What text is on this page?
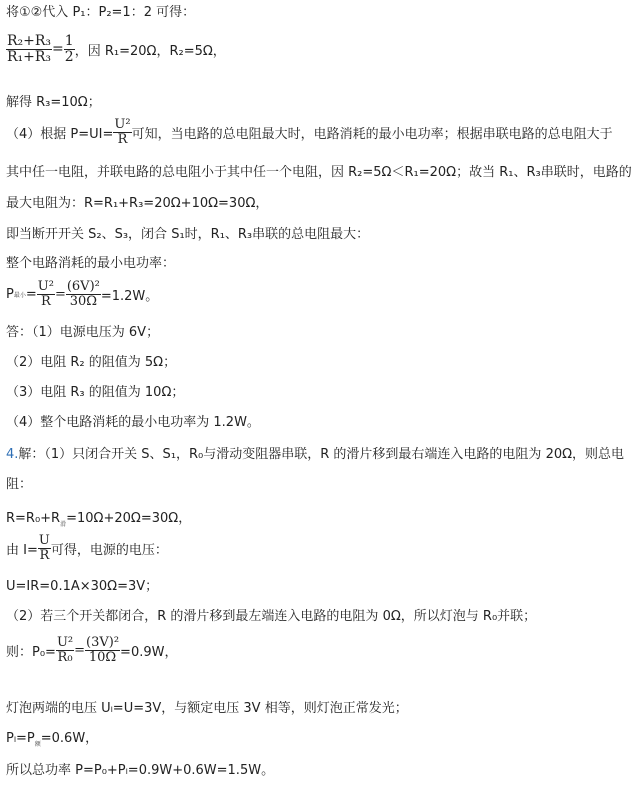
将①②代入 P₁：P₂=1：2 可得：
$\frac{\text{R₂+R₃}}{\text{R₁+R₃}} = \frac{1}{2}$ ，因 R₁=20Ω，R₂=5Ω，
解得 R₃=10Ω；
（4）根据 $P=UI= \frac{\text{U²}}{R}$ 可知，当电路的总电阻最大时，电路消耗的最小电功率；根据串联电路的总电阻大于
其中任一电阻，并联电路的总电阻小于其中任一个电阻，因 R₂=5Ω＜R₁=20Ω；故当 R₁、R₃串联时，电路的
最大电阻为：R=R₁+R₃=20Ω+10Ω=30Ω，
即当断开开关 S₂、S₃，闭合 S₁时，R₁、R₃串联的总电阻最大：
整个电路消耗的最小电功率：
P 最小 = $\frac{\text{U²}}{R} = \frac{\text{(6V)²}}{30\Omega} =1.2W$。
答：（1）电源电压为 6V；
（2）电阻 R₂ 的阻值为 5Ω；
（3）电阻 R₃ 的阻值为 10Ω；
（4）整个电路消耗的最小电功率为 1.2W。
4.解：（1）只闭合开关 S、S₁，R₀与滑动变阻器串联，R 的滑片移到最右端连入电路的电阻为 20Ω，则总电
阻：
$R=R_0+R_滑=10\Omega+20\Omega=30\Omega$，
由 $I= \frac{U}{R}$ 可得，电源的电压：
U=IR=0.1A×30Ω=3V；
（2）若三个开关都闭合，R 的滑片移到最左端连入电路的电阻为 0Ω，所以灯泡与 R₀并联；
则：$P_0= \frac{\text{U²}}{\text{R₀}} = \frac{\text{(3V)²}}{10\Omega} =0.9W$，
灯泡两端的电压 Uₗ=U=3V，与额定电压 3V 相等，则灯泡正常发光；
$P_l=P_额=0.6W$，
所以总功率 P=P₀+Pₗ=0.9W+0.6W=1.5W。
